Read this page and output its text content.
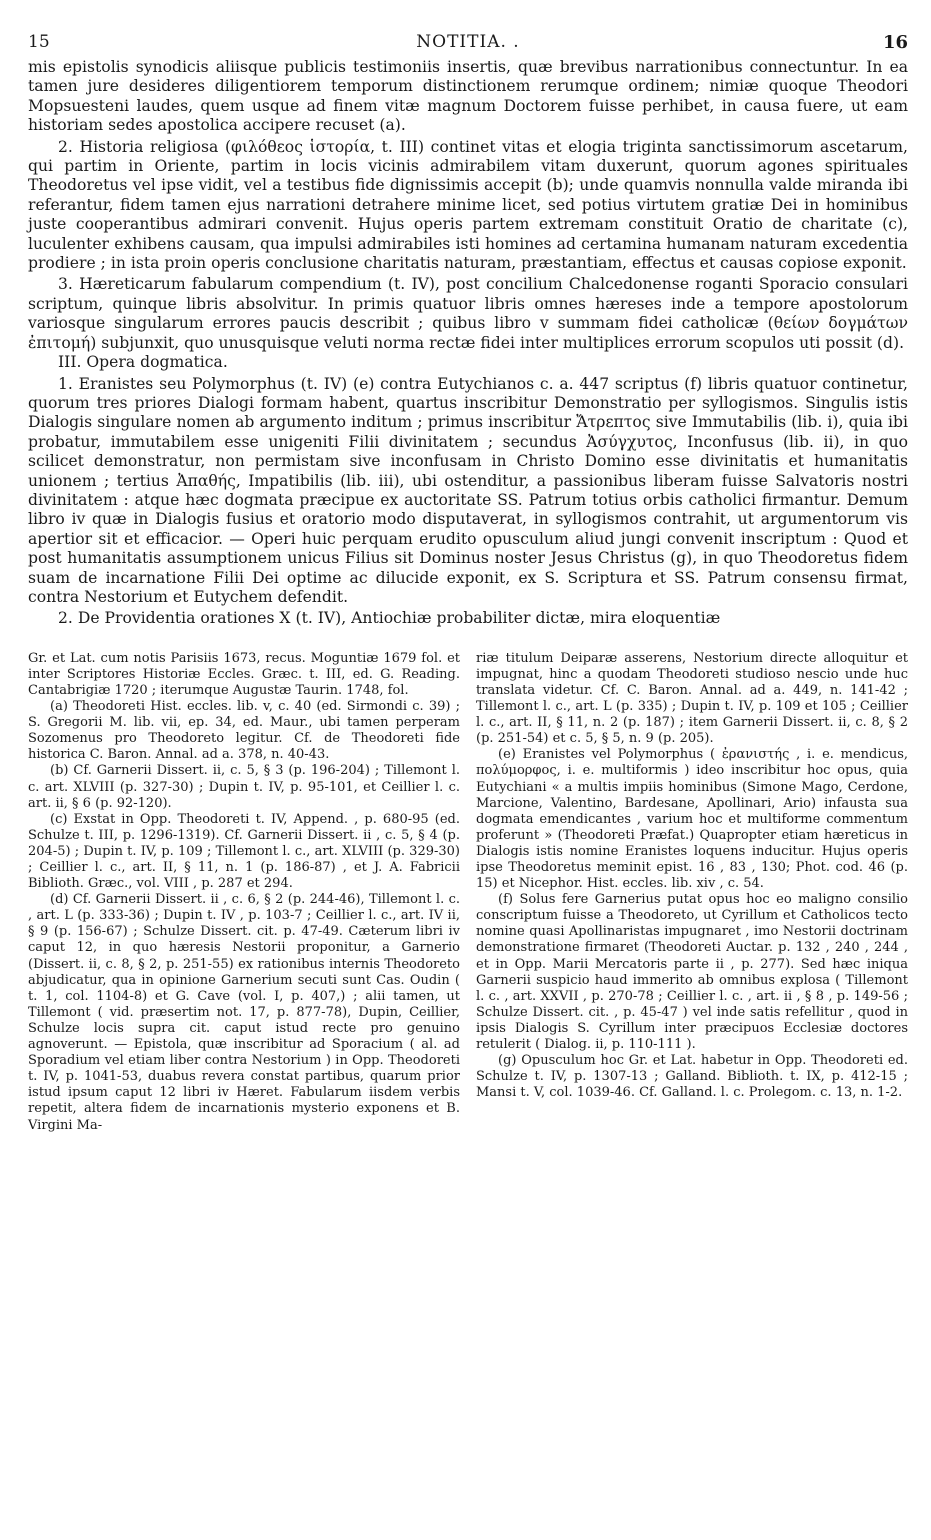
15	NOTITIA. .	16

mis epistolis synodicis aliisque publicis testimoniis insertis, quæ brevibus narrationibus connectuntur. In ea tamen jure desideres diligentiorem temporum distinctionem rerumque ordinem; nimiæ quoque Theodori Mopsuesteni laudes, quem usque ad finem vitæ magnum Doctorem fuisse perhibet, in causa fuere, ut eam historiam sedes apostolica accipere recuset (a).

2. Historia religiosa (φιλόθεος ἱστορία, t. III) continet vitas et elogia triginta sanctissimorum ascetarum, qui partim in Oriente, partim in locis vicinis admirabilem vitam duxerunt, quorum agones spirituales Theodoretus vel ipse vidit, vel a testibus fide dignissimis accepit (b); unde quamvis nonnulla valde miranda ibi referantur, fidem tamen ejus narrationi detrahere minime licet, sed potius virtutem gratiæ Dei in hominibus juste cooperantibus admirari convenit. Hujus operis partem extremam constituit Oratio de charitate (c), luculenter exhibens causam, qua impulsi admirabiles isti homines ad certamina humanam naturam excedentia prodiere ; in ista proin operis conclusione charitatis naturam, præstantiam, effectus et causas copiose exponit.

3. Hæreticarum fabularum compendium (t. IV), post concilium Chalcedonense roganti Sporacio consulari scriptum, quinque libris absolvitur. In primis quatuor libris omnes hæreses inde a tempore apostolorum variosque singularum errores paucis describit ; quibus libro v summam fidei catholicæ (θείων δογμάτων ἐπιτομή) subjunxit, quo unusquisque veluti norma rectæ fidei inter multiplices errorum scopulos uti possit (d).

III. Opera dogmatica.

1. Eranistes seu Polymorphus (t. IV) (e) contra Eutychianos c. a. 447 scriptus (f) libris quatuor continetur, quorum tres priores Dialogi formam habent, quartus inscribitur Demonstratio per syllogismos. Singulis istis Dialogis singulare nomen ab argumento inditum ; primus inscribitur Ἄτρεπτος sive Immutabilis (lib. i), quia ibi probatur, immutabilem esse unigeniti Filii divinitatem ; secundus Ἀσύγχυτος, Inconfusus (lib. ii), in quo scilicet demonstratur, non permistam sive inconfusam in Christo Domino esse divinitatis et humanitatis unionem ; tertius Ἀπαθής, Impatibilis (lib. iii), ubi ostenditur, a passionibus liberam fuisse Salvatoris nostri divinitatem : atque hæc dogmata præcipue ex auctoritate SS. Patrum totius orbis catholici firmantur. Demum libro iv quæ in Dialogis fusius et oratorio modo disputaverat, in syllogismos contrahit, ut argumentorum vis apertior sit et efficacior. — Operi huic perquam erudito opusculum aliud jungi convenit inscriptum : Quod et post humanitatis assumptionem unicus Filius sit Dominus noster Jesus Christus (g), in quo Theodoretus fidem suam de incarnatione Filii Dei optime ac dilucide exponit, ex S. Scriptura et SS. Patrum consensu firmat, contra Nestorium et Eutychem defendit.

2. De Providentia orationes X (t. IV), Antiochiæ probabiliter dictæ, mira eloquentiæ

Gr. et Lat. cum notis Parisiis 1673, recus. Moguntiæ 1679 fol. et inter Scriptores Historiæ Eccles. Græc. t. III, ed. G. Reading. Cantabrigiæ 1720 ; iterumque Augustæ Taurin. 1748, fol.

(a) Theodoreti Hist. eccles. lib. v, c. 40 (ed. Sirmondi c. 39) ; S. Gregorii M. lib. vii, ep. 34, ed. Maur., ubi tamen perperam Sozomenus pro Theodoreto legitur. Cf. de Theodoreti fide historica C. Baron. Annal. ad a. 378, n. 40-43.

(b) Cf. Garnerii Dissert. ii, c. 5, § 3 (p. 196-204) ; Tillemont l. c. art. XLVIII (p. 327-30) ; Dupin t. IV, p. 95-101, et Ceillier l. c. art. ii, § 6 (p. 92-120).

(c) Exstat in Opp. Theodoreti t. IV, Append. , p. 680-95 (ed. Schulze t. III, p. 1296-1319). Cf. Garnerii Dissert. ii , c. 5, § 4 (p. 204-5) ; Dupin t. IV, p. 109 ; Tillemont l. c., art. XLVIII (p. 329-30) ; Ceillier l. c., art. II, § 11, n. 1 (p. 186-87) , et J. A. Fabricii Biblioth. Græc., vol. VIII , p. 287 et 294.

(d) Cf. Garnerii Dissert. ii , c. 6, § 2 (p. 244-46), Tillemont l. c. , art. L (p. 333-36) ; Dupin t. IV , p. 103-7 ; Ceillier l. c., art. IV ii, § 9 (p. 156-67) ; Schulze Dissert. cit. p. 47-49. Cæterum libri iv caput 12, in quo hæresis Nestorii proponitur, a Garnerio (Dissert. ii, c. 8, § 2, p. 251-55) ex rationibus internis Theodoreto abjudicatur, qua in opinione Garnerium secuti sunt Cas. Oudin ( t. 1, col. 1104-8) et G. Cave (vol. I, p. 407,) ; alii tamen, ut Tillemont ( vid. præsertim not. 17, p. 877-78), Dupin, Ceillier, Schulze locis supra cit. caput istud recte pro genuino agnoverunt. — Epistola, quæ inscribitur ad Sporacium ( al. ad Sporadium vel etiam liber contra Nestorium ) in Opp. Theodoreti t. IV, p. 1041-53, duabus revera constat partibus, quarum prior istud ipsum caput 12 libri iv Hæret. Fabularum iisdem verbis repetit, altera fidem de incarnationis mysterio exponens et B. Virgini Ma-

riæ titulum Deiparæ asserens, Nestorium directe alloquitur et impugnat, hinc a quodam Theodoreti studioso nescio unde huc translata videtur. Cf. C. Baron. Annal. ad a. 449, n. 141-42 ; Tillemont l. c., art. L (p. 335) ; Dupin t. IV, p. 109 et 105 ; Ceillier l. c., art. II, § 11, n. 2 (p. 187) ; item Garnerii Dissert. ii, c. 8, § 2 (p. 251-54) et c. 5, § 5, n. 9 (p. 205).

(e) Eranistes vel Polymorphus ( ἐρανιστής , i. e. mendicus, πολύμορφος, i. e. multiformis ) ideo inscribitur hoc opus, quia Eutychiani « a multis impiis hominibus (Simone Mago, Cerdone, Marcione, Valentino, Bardesane, Apollinari, Ario) infausta sua dogmata emendicantes , varium hoc et multiforme commentum proferunt » (Theodoreti Præfat.) Quapropter etiam hæreticus in Dialogis istis nomine Eranistes loquens inducitur. Hujus operis ipse Theodoretus meminit epist. 16 , 83 , 130; Phot. cod. 46 (p. 15) et Nicephor. Hist. eccles. lib. xiv , c. 54.

(f) Solus fere Garnerius putat opus hoc eo maligno consilio conscriptum fuisse a Theodoreto, ut Cyrillum et Catholicos tecto nomine quasi Apollinaristas impugnaret , imo Nestorii doctrinam demonstratione firmaret (Theodoreti Auctar. p. 132 , 240 , 244 , et in Opp. Marii Mercatoris parte ii , p. 277). Sed hæc iniqua Garnerii suspicio haud immerito ab omnibus explosa ( Tillemont l. c. , art. XXVII , p. 270-78 ; Ceillier l. c. , art. ii , § 8 , p. 149-56 ; Schulze Dissert. cit. , p. 45-47 ) vel inde satis refellitur , quod in ipsis Dialogis S. Cyrillum inter præcipuos Ecclesiæ doctores retulerit ( Dialog. ii, p. 110-111 ).

(g) Opusculum hoc Gr. et Lat. habetur in Opp. Theodoreti ed. Schulze t. IV, p. 1307-13 ; Galland. Biblioth. t. IX, p. 412-15 ; Mansi t. V, col. 1039-46. Cf. Galland. l. c. Prolegom. c. 13, n. 1-2.
